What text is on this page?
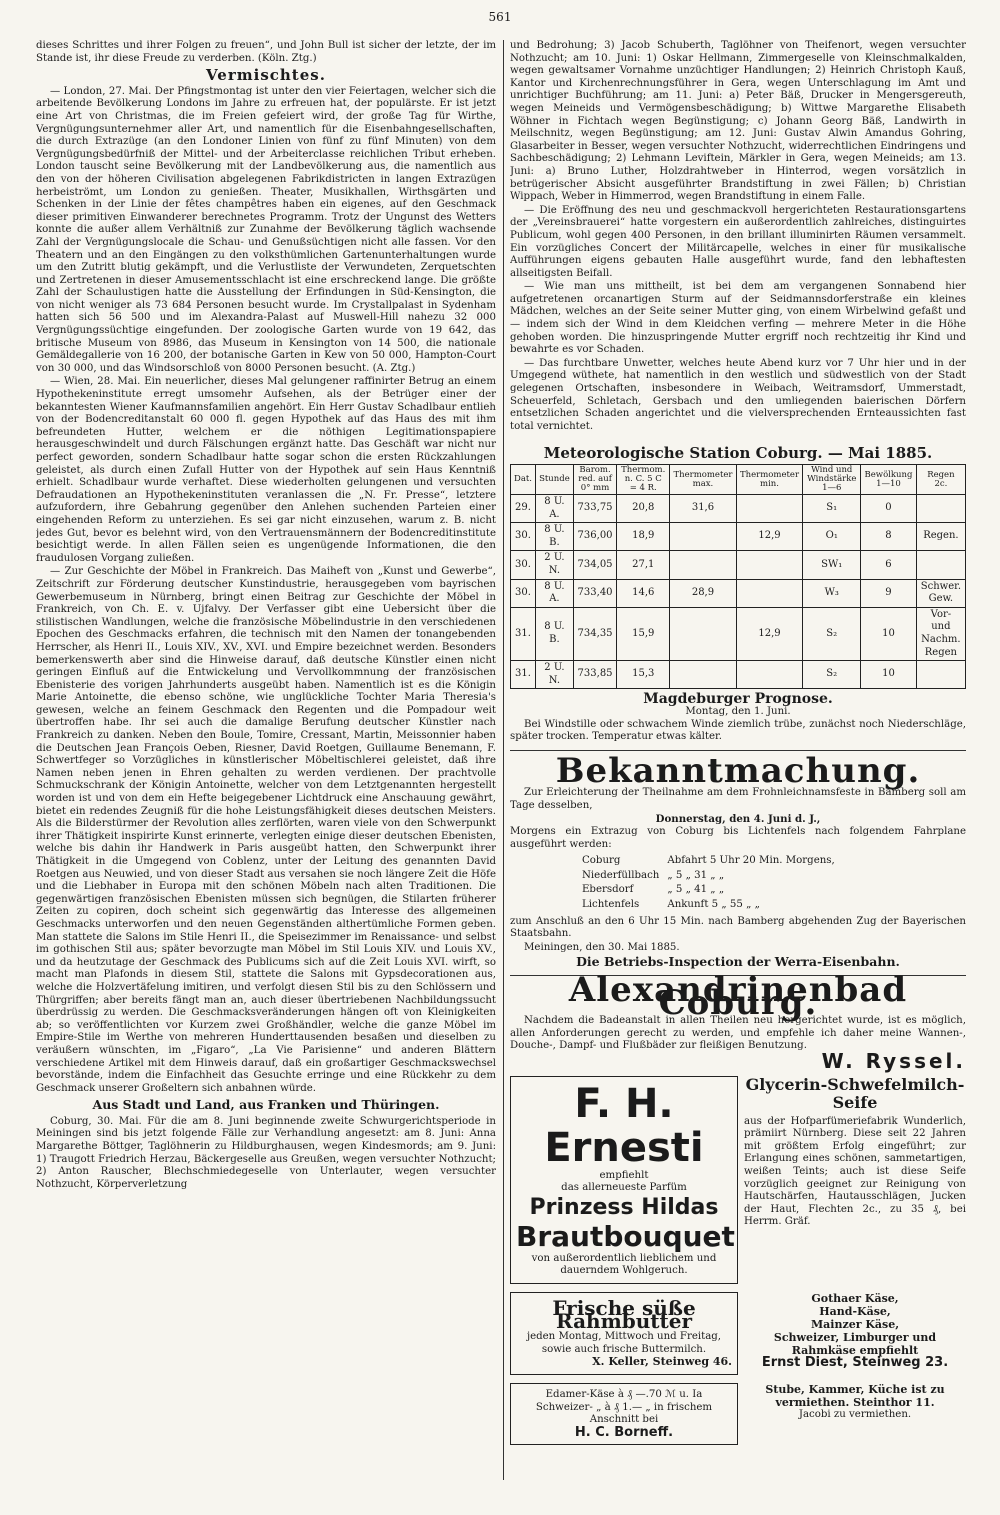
561

dieses Schrittes und ihrer Folgen zu freuen“, und John Bull ist sicher der letzte, der im Stande ist, ihr diese Freude zu verderben. (Köln. Ztg.)

Vermischtes.

— London, 27. Mai. Der Pfingstmontag ist unter den vier Feiertagen, welcher sich die arbeitende Bevölkerung Londons im Jahre zu erfreuen hat, der populärste. Er ist jetzt eine Art von Christmas, die im Freien gefeiert wird, der große Tag für Wirthe, Vergnügungsunternehmer aller Art, und namentlich für die Eisenbahngesellschaften, die durch Extrazüge (an den Londoner Linien von fünf zu fünf Minuten) von dem Vergnügungsbedürfniß der Mittel- und der Arbeiterclasse reichlichen Tribut erheben. London tauscht seine Bevölkerung mit der Landbevölkerung aus, die namentlich aus den von der höheren Civilisation abgelegenen Fabrikdistricten in langen Extrazügen herbeiströmt, um London zu genießen. Theater, Musikhallen, Wirthsgärten und Schenken in der Linie der fêtes champêtres haben ein eigenes, auf den Geschmack dieser primitiven Einwanderer berechnetes Programm. Trotz der Ungunst des Wetters konnte die außer allem Verhältniß zur Zunahme der Bevölkerung täglich wachsende Zahl der Vergnügungslocale die Schau- und Genußsüchtigen nicht alle fassen. Vor den Theatern und an den Eingängen zu den volksthümlichen Gartenunterhaltungen wurde um den Zutritt blutig gekämpft, und die Verlustliste der Verwundeten, Zerquetschten und Zertretenen in dieser Amusementsschlacht ist eine erschreckend lange. Die größte Zahl der Schaulustigen hatte die Ausstellung der Erfindungen in Süd-Kensington, die von nicht weniger als 73 684 Personen besucht wurde. Im Crystallpalast in Sydenham hatten sich 56 500 und im Alexandra-Palast auf Muswell-Hill nahezu 32 000 Vergnügungssüchtige eingefunden. Der zoologische Garten wurde von 19 642, das britische Museum von 8986, das Museum in Kensington von 14 500, die nationale Gemäldegallerie von 16 200, der botanische Garten in Kew von 50 000, Hampton-Court von 30 000, und das Windsorschloß von 8000 Personen besucht. (A. Ztg.)

— Wien, 28. Mai. Ein neuerlicher, dieses Mal gelungener raffinirter Betrug an einem Hypothekeninstitute erregt umsomehr Aufsehen, als der Betrüger einer der bekanntesten Wiener Kaufmannsfamilien angehört. Ein Herr Gustav Schadlbaur entlieh von der Bodencreditanstalt 60 000 fl. gegen Hypothek auf das Haus des mit ihm befreundeten Hutter, welchem er die nöthigen Legitimationspapiere herausgeschwindelt und durch Fälschungen ergänzt hatte. Das Geschäft war nicht nur perfect geworden, sondern Schadlbaur hatte sogar schon die ersten Rückzahlungen geleistet, als durch einen Zufall Hutter von der Hypothek auf sein Haus Kenntniß erhielt. Schadlbaur wurde verhaftet. Diese wiederholten gelungenen und versuchten Defraudationen an Hypothekeninstituten veranlassen die „N. Fr. Presse“, letztere aufzufordern, ihre Gebahrung gegenüber den Anlehen suchenden Parteien einer eingehenden Reform zu unterziehen. Es sei gar nicht einzusehen, warum z. B. nicht jedes Gut, bevor es belehnt wird, von den Vertrauensmännern der Bodencreditinstitute besichtigt werde. In allen Fällen seien es ungenügende Informationen, die den fraudulosen Vorgang zuließen.

— Zur Geschichte der Möbel in Frankreich. Das Maiheft von „Kunst und Gewerbe“, Zeitschrift zur Förderung deutscher Kunstindustrie, herausgegeben vom bayrischen Gewerbemuseum in Nürnberg, bringt einen Beitrag zur Geschichte der Möbel in Frankreich, von Ch. E. v. Ujfalvy. Der Verfasser gibt eine Uebersicht über die stilistischen Wandlungen, welche die französische Möbelindustrie in den verschiedenen Epochen des Geschmacks erfahren, die technisch mit den Namen der tonangebenden Herrscher, als Henri II., Louis XIV., XV., XVI. und Empire bezeichnet werden. Besonders bemerkenswerth aber sind die Hinweise darauf, daß deutsche Künstler einen nicht geringen Einfluß auf die Entwickelung und Vervollkommnung der französischen Ebenisterie des vorigen Jahrhunderts ausgeübt haben. Namentlich ist es die Königin Marie Antoinette, die ebenso schöne, wie unglückliche Tochter Maria Theresia's gewesen, welche an feinem Geschmack den Regenten und die Pompadour weit übertroffen habe. Ihr sei auch die damalige Berufung deutscher Künstler nach Frankreich zu danken. Neben den Boule, Tomire, Cressant, Martin, Meissonnier haben die Deutschen Jean François Oeben, Riesner, David Roetgen, Guillaume Benemann, F. Schwertfeger so Vorzügliches in künstlerischer Möbeltischlerei geleistet, daß ihre Namen neben jenen in Ehren gehalten zu werden verdienen. Der prachtvolle Schmuckschrank der Königin Antoinette, welcher von dem Letztgenannten hergestellt worden ist und von dem ein Hefte beigegebener Lichtdruck eine Anschauung gewährt, bietet ein redendes Zeugniß für die hohe Leistungsfähigkeit dieses deutschen Meisters. Als die Bilderstürmer der Revolution alles zerflörten, waren viele von den Schwerpunkt ihrer Thätigkeit inspirirte Kunst erinnerte, verlegten einige dieser deutschen Ebenisten, welche bis dahin ihr Handwerk in Paris ausgeübt hatten, den Schwerpunkt ihrer Thätigkeit in die Umgegend von Coblenz, unter der Leitung des genannten David Roetgen aus Neuwied, und von dieser Stadt aus versahen sie noch längere Zeit die Höfe und die Liebhaber in Europa mit den schönen Möbeln nach alten Traditionen. Die gegenwärtigen französischen Ebenisten müssen sich begnügen, die Stilarten früherer Zeiten zu copiren, doch scheint sich gegenwärtig das Interesse des allgemeinen Geschmacks unterworfen und den neuen Gegenständen althertümliche Formen geben. Man stattete die Salons im Stile Henri II., die Speisezimmer im Renaissance- und selbst im gothischen Stil aus; später bevorzugte man Möbel im Stil Louis XIV. und Louis XV., und da heutzutage der Geschmack des Publicums sich auf die Zeit Louis XVI. wirft, so macht man Plafonds in diesem Stil, stattete die Salons mit Gypsdecorationen aus, welche die Holzvertäfelung imitiren, und verfolgt diesen Stil bis zu den Schlössern und Thürgriffen; aber bereits fängt man an, auch dieser übertriebenen Nachbildungssucht überdrüssig zu werden. Die Geschmacksveränderungen hängen oft von Kleinigkeiten ab; so veröffentlichten vor Kurzem zwei Großhändler, welche die ganze Möbel im Empire-Stile im Werthe von mehreren Hunderttausenden besaßen und dieselben zu veräußern wünschten, im „Figaro“, „La Vie Parisienne“ und anderen Blättern verschiedene Artikel mit dem Hinweis darauf, daß ein großartiger Geschmackswechsel bevorstände, indem die Einfachheit das Gesuchte erringe und eine Rückkehr zu dem Geschmack unserer Großeltern sich anbahnen würde.

Aus Stadt und Land, aus Franken und Thüringen.

Coburg, 30. Mai. Für die am 8. Juni beginnende zweite Schwurgerichtsperiode in Meiningen sind bis jetzt folgende Fälle zur Verhandlung angesetzt: am 8. Juni: Anna Margarethe Böttger, Taglöhnerin zu Hildburghausen, wegen Kindesmords; am 9. Juni: 1) Traugott Friedrich Herzau, Bäckergeselle aus Greußen, wegen versuchter Nothzucht; 2) Anton Rauscher, Blechschmiedegeselle von Unterlauter, wegen versuchter Nothzucht, Körperverletzung

und Bedrohung; 3) Jacob Schuberth, Taglöhner von Theifenort, wegen versuchter Nothzucht; am 10. Juni: 1) Oskar Hellmann, Zimmergeselle von Kleinschmalkalden, wegen gewaltsamer Vornahme unzüchtiger Handlungen; 2) Heinrich Christoph Kauß, Kantor und Kirchenrechnungsführer in Gera, wegen Unterschlagung im Amt und unrichtiger Buchführung; am 11. Juni: a) Peter Bäß, Drucker in Mengersgereuth, wegen Meineids und Vermögensbeschädigung; b) Wittwe Margarethe Elisabeth Wöhner in Fichtach wegen Begünstigung; c) Johann Georg Bäß, Landwirth in Meilschnitz, wegen Begünstigung; am 12. Juni: Gustav Alwin Amandus Gohring, Glasarbeiter in Besser, wegen versuchter Nothzucht, widerrechtlichen Eindringens und Sachbeschädigung; 2) Lehmann Leviftein, Märkler in Gera, wegen Meineids; am 13. Juni: a) Bruno Luther, Holzdrahtweber in Hinterrod, wegen vorsätzlich in betrügerischer Absicht ausgeführter Brandstiftung in zwei Fällen; b) Christian Wippach, Weber in Himmerrod, wegen Brandstiftung in einem Falle.

— Die Eröffnung des neu und geschmackvoll hergerichteten Restaurationsgartens der „Vereinsbrauerei“ hatte vorgestern ein außerordentlich zahlreiches, distinguirtes Publicum, wohl gegen 400 Personen, in den brillant illuminirten Räumen versammelt. Ein vorzügliches Concert der Militärcapelle, welches in einer für musikalische Aufführungen eigens gebauten Halle ausgeführt wurde, fand den lebhaftesten allseitigsten Beifall.

— Wie man uns mittheilt, ist bei dem am vergangenen Sonnabend hier aufgetretenen orcanartigen Sturm auf der Seidmannsdorferstraße ein kleines Mädchen, welches an der Seite seiner Mutter ging, von einem Wirbelwind gefaßt und — indem sich der Wind in dem Kleidchen verfing — mehrere Meter in die Höhe gehoben worden. Die hinzuspringende Mutter ergriff noch rechtzeitig ihr Kind und bewahrte es vor Schaden.

— Das furchtbare Unwetter, welches heute Abend kurz vor 7 Uhr hier und in der Umgegend wüthete, hat namentlich in den westlich und südwestlich von der Stadt gelegenen Ortschaften, insbesondere in Weibach, Weitramsdorf, Ummerstadt, Scheuerfeld, Schletach, Gersbach und den umliegenden baierischen Dörfern entsetzlichen Schaden angerichtet und die vielversprechenden Ernteaussichten fast total vernichtet.

Meteorologische Station Coburg. — Mai 1885.
Dat.	Stunde	Barom. red. auf 0° mm	Thermom. n. C. 5 C = 4 R.	Thermometer max.	Thermometer min.	Wind und Windstärke 1—6	Bewölkung 1—10	Regen 2c.
29.	8 U. A.	733,75	20,8	31,6		S₁	0	
30.	8 U. B.	736,00	18,9		12,9	O₁	8	Regen.
30.	2 U. N.	734,05	27,1			SW₁	6	
30.	8 U. A.	733,40	14,6	28,9		W₃	9	Schwer. Gew.
31.	8 U. B.	734,35	15,9		12,9	S₂	10	Vor- und Nachm. Regen
31.	2 U. N.	733,85	15,3			S₂	10	
Magdeburger Prognose.
Montag, den 1. Juni.

Bei Windstille oder schwachem Winde ziemlich trübe, zunächst noch Niederschläge, später trocken. Temperatur etwas kälter.

Bekanntmachung.

Zur Erleichterung der Theilnahme am dem Frohnleichnamsfeste in Bamberg soll am Tage desselben,

Donnerstag, den 4. Juni d. J.,

Morgens ein Extrazug von Coburg bis Lichtenfels nach folgendem Fahrplane ausgeführt werden:

Coburg	Abfahrt 5 Uhr 20 Min. Morgens,
Niederfüllbach	„ 5 „ 31 „ „
Ebersdorf	„ 5 „ 41 „ „
Lichtenfels	Ankunft 5 „ 55 „ „

zum Anschluß an den 6 Uhr 15 Min. nach Bamberg abgehenden Zug der Bayerischen Staatsbahn.

Meiningen, den 30. Mai 1885.

Die Betriebs-Inspection der Werra-Eisenbahn.
Alexandrinenbad Coburg.

Nachdem die Badeanstalt in allen Theilen neu hergerichtet wurde, ist es möglich, allen Anforderungen gerecht zu werden, und empfehle ich daher meine Wannen-, Douche-, Dampf- und Flußbäder zur fleißigen Benutzung.

W. Ryssel.
F. H. Ernesti
empfiehlt
das allerneueste Parfüm
Prinzess Hildas
Brautbouquet
von außerordentlich lieblichem und dauerndem Wohlgeruch.
Glycerin-Schwefelmilch-Seife

aus der Hofparfümeriefabrik Wunderlich, prämiirt Nürnberg. Diese seit 22 Jahren mit größtem Erfolg eingeführt; zur Erlangung eines schönen, sammetartigen, weißen Teints; auch ist diese Seife vorzüglich geeignet zur Reinigung von Hautschärfen, Hautausschlägen, Jucken der Haut, Flechten 2c., zu 35 ₰, bei Herrm. Gräf.

Frische süße Rahmbutter
jeden Montag, Mittwoch und Freitag, sowie auch frische Buttermilch.
X. Keller, Steinweg 46.
Gothaer Käse,
Hand-Käse,
Mainzer Käse,
Schweizer, Limburger und Rahmkäse empfiehlt
Ernst Diest, Steinweg 23.
Edamer-Käse à ₰ —.70 ℳ u. Ia Schweizer- „ à ₰ 1.— „ in frischem Anschnitt bei
H. C. Borneff.
Stube, Kammer, Küche ist zu vermiethen. Steinthor 11.
Jacobi zu vermiethen.
